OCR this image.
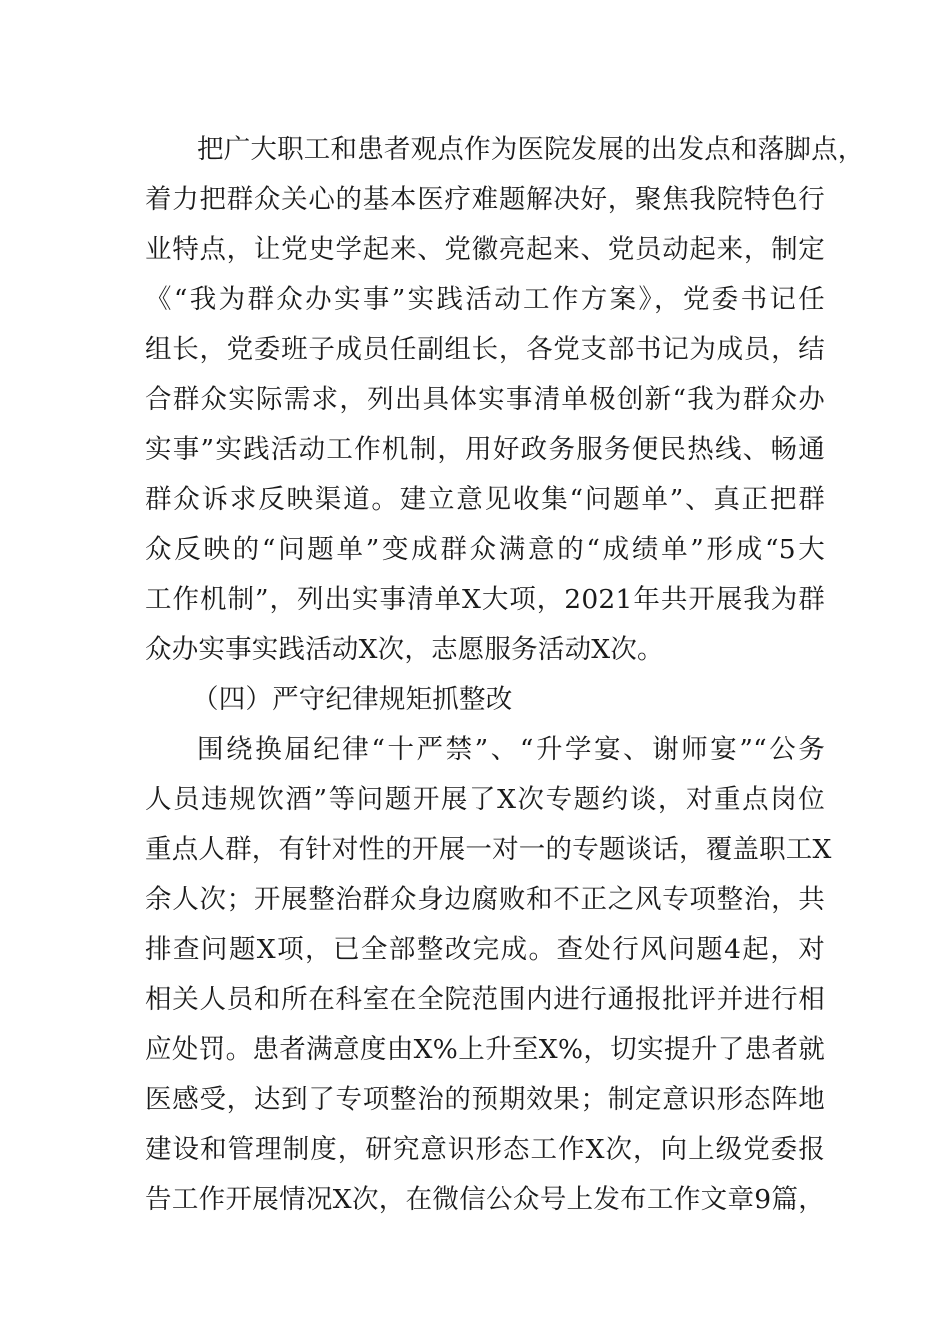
把广大职工和患者观点作为医院发展的出发点和落脚点，
着力把群众关心的基本医疗难题解决好，聚焦我院特色行
业特点，让党史学起来、党徽亮起来、党员动起来，制定
《“我为群众办实事”实践活动工作方案》，党委书记任
组长，党委班子成员任副组长，各党支部书记为成员，结
合群众实际需求，列出具体实事清单极创新“我为群众办
实事”实践活动工作机制，用好政务服务便民热线、畅通
群众诉求反映渠道。建立意见收集“问题单”、真正把群
众反映的“问题单”变成群众满意的“成绩单”形成“5大
工作机制”，列出实事清单X大项，2021年共开展我为群
众办实事实践活动X次，志愿服务活动X次。
（四）严守纪律规矩抓整改
围绕换届纪律“十严禁”、“升学宴、谢师宴”“公务
人员违规饮酒”等问题开展了X次专题约谈，对重点岗位
重点人群，有针对性的开展一对一的专题谈话，覆盖职工X
余人次；开展整治群众身边腐败和不正之风专项整治，共
排查问题X项，已全部整改完成。查处行风问题4起，对
相关人员和所在科室在全院范围内进行通报批评并进行相
应处罚。患者满意度由X%上升至X%，切实提升了患者就
医感受，达到了专项整治的预期效果；制定意识形态阵地
建设和管理制度，研究意识形态工作X次，向上级党委报
告工作开展情况X次，在微信公众号上发布工作文章9篇，
